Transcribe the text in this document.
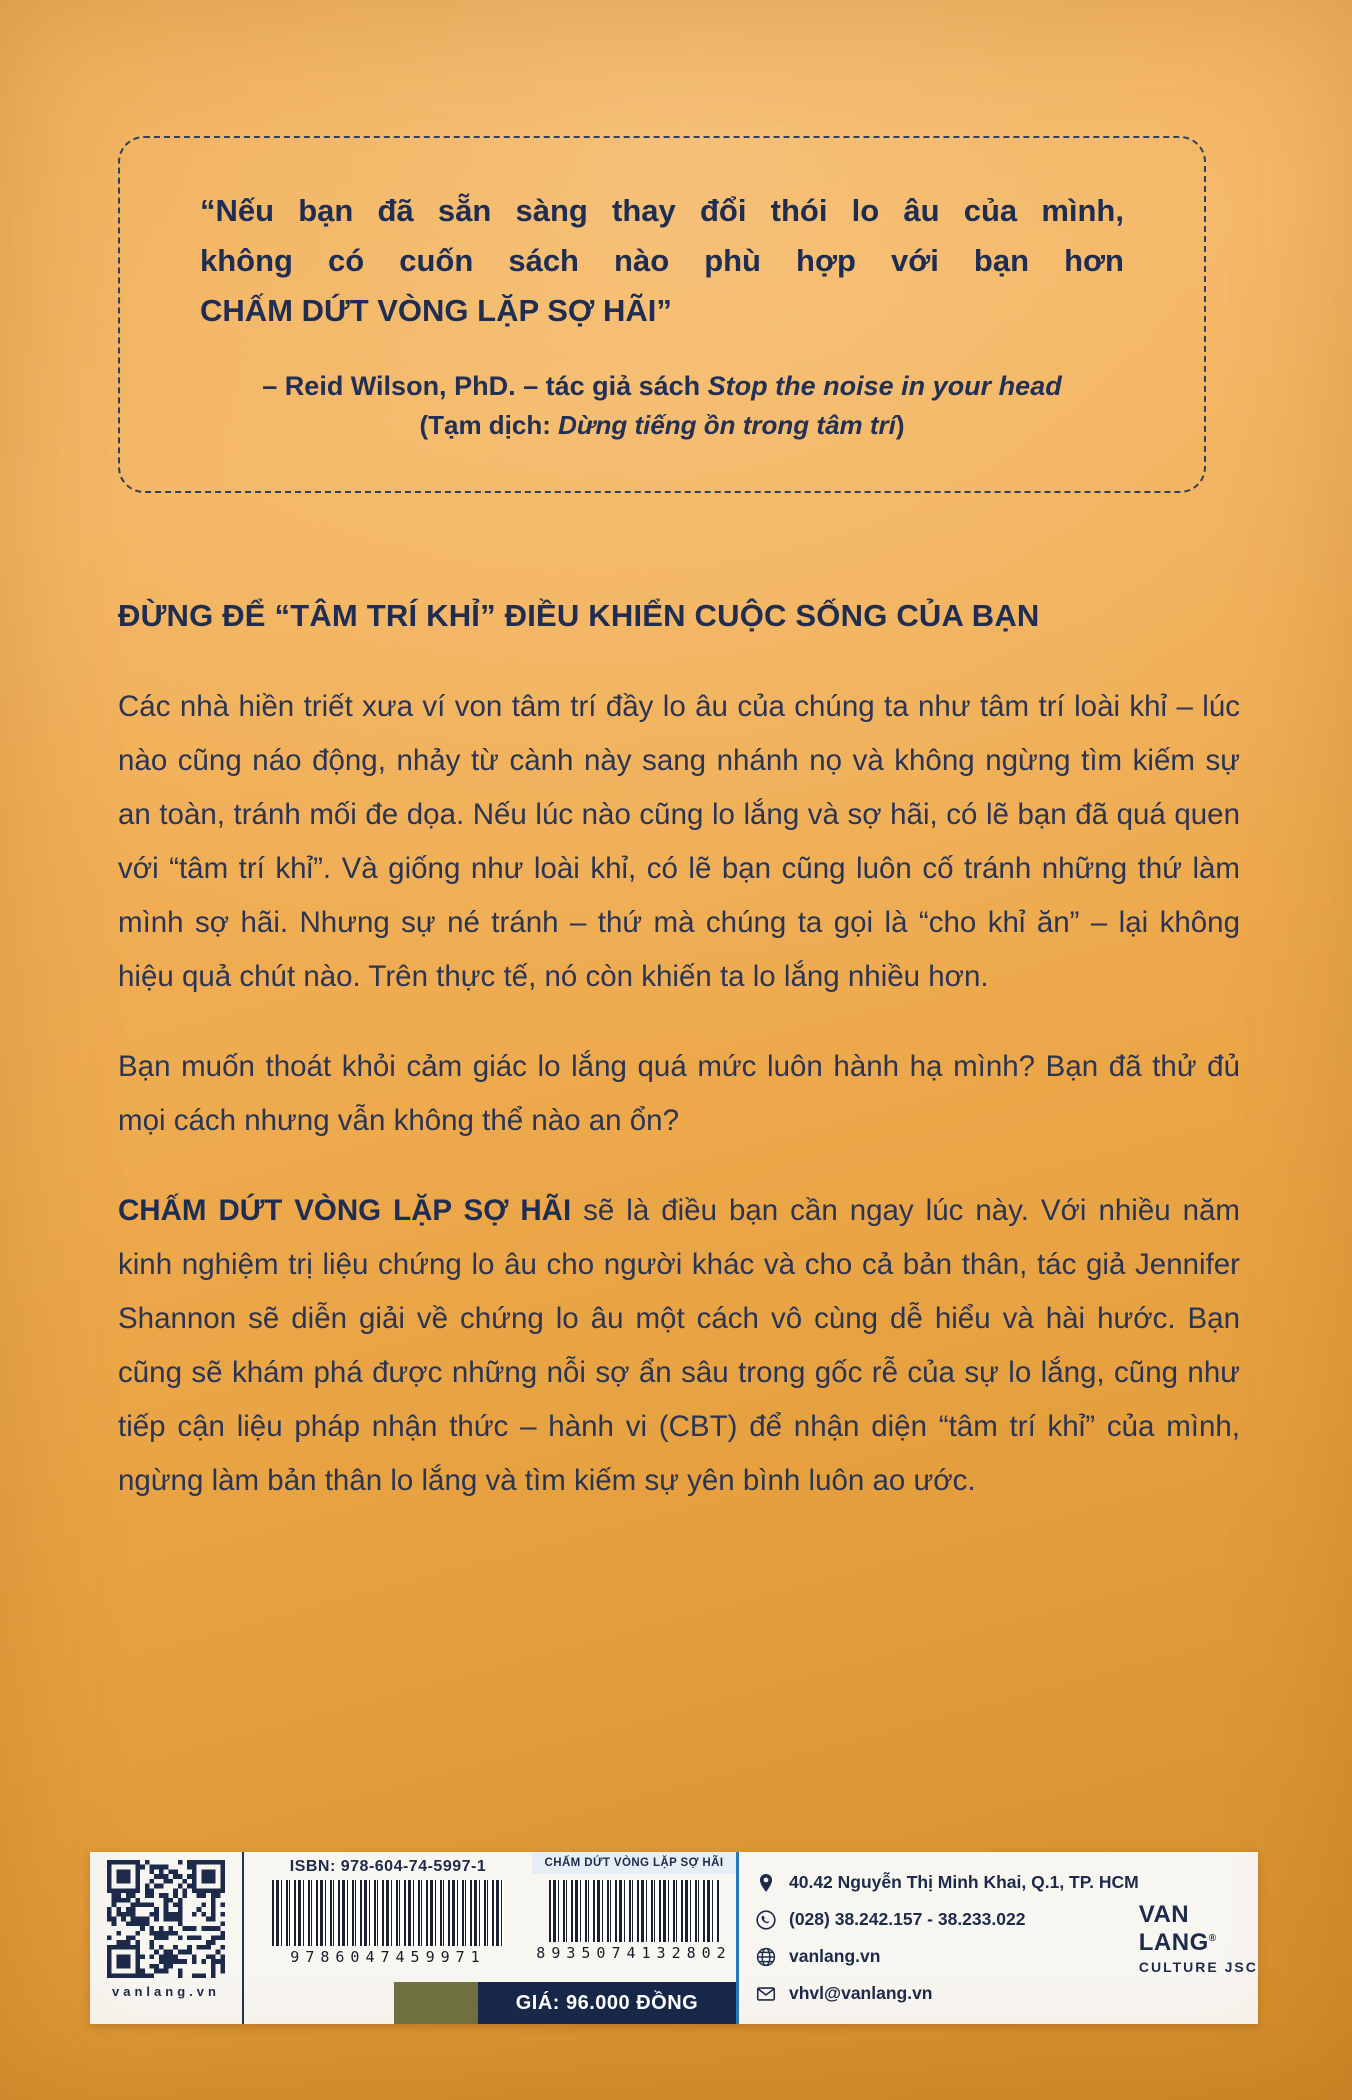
“Nếu bạn đã sẵn sàng thay đổi thói lo âu của mình,
không có cuốn sách nào phù hợp với bạn hơn
CHẤM DỨT VÒNG LẶP SỢ HÃI”
– Reid Wilson, PhD. – tác giả sách Stop the noise in your head
(Tạm dịch: Dừng tiếng ồn trong tâm trí)
ĐỪNG ĐỂ “TÂM TRÍ KHỈ” ĐIỀU KHIỂN CUỘC SỐNG CỦA BẠN

Các nhà hiền triết xưa ví von tâm trí đầy lo âu của chúng ta như tâm trí loài khỉ – lúc nào cũng náo động, nhảy từ cành này sang nhánh nọ và không ngừng tìm kiếm sự an toàn, tránh mối đe dọa. Nếu lúc nào cũng lo lắng và sợ hãi, có lẽ bạn đã quá quen với “tâm trí khỉ”. Và giống như loài khỉ, có lẽ bạn cũng luôn cố tránh những thứ làm mình sợ hãi. Nhưng sự né tránh – thứ mà chúng ta gọi là “cho khỉ ăn” – lại không hiệu quả chút nào. Trên thực tế, nó còn khiến ta lo lắng nhiều hơn.

Bạn muốn thoát khỏi cảm giác lo lắng quá mức luôn hành hạ mình? Bạn đã thử đủ mọi cách nhưng vẫn không thể nào an ổn?

CHẤM DỨT VÒNG LẶP SỢ HÃI sẽ là điều bạn cần ngay lúc này. Với nhiều năm kinh nghiệm trị liệu chứng lo âu cho người khác và cho cả bản thân, tác giả Jennifer Shannon sẽ diễn giải về chứng lo âu một cách vô cùng dễ hiểu và hài hước. Bạn cũng sẽ khám phá được những nỗi sợ ẩn sâu trong gốc rễ của sự lo lắng, cũng như tiếp cận liệu pháp nhận thức – hành vi (CBT) để nhận diện “tâm trí khỉ” của mình, ngừng làm bản thân lo lắng và tìm kiếm sự yên bình luôn ao ước.

vanlang.vn
ISBN: 978-604-74-5997-1
9786047459971
CHẤM DỨT VÒNG LẶP SỢ HÃI
8935074132802
GIÁ: 96.000 ĐỒNG
40.42 Nguyễn Thị Minh Khai, Q.1, TP. HCM
(028) 38.242.157 - 38.233.022
vanlang.vn
vhvl@vanlang.vn
VAN LANG®
CULTURE JSC
